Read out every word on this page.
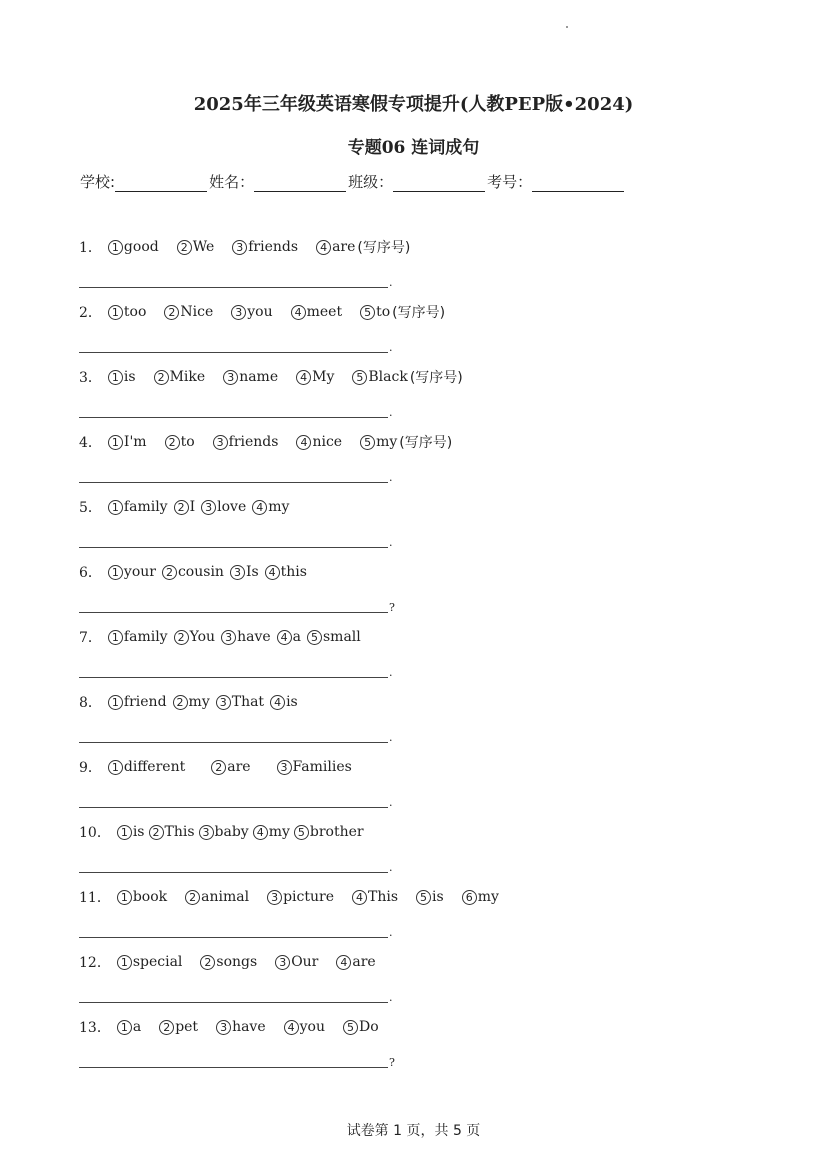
2025年三年级英语寒假专项提升(人教PEP版•2024)
专题06 连词成句
学校:	姓名：	班级：	考号：
1． 1 good	2 We	3 friends	4 are (写序号)
.
2． 1 too	2 Nice	3 you	4 meet	5 to (写序号)
.
3． 1 is	2 Mike	3 name	4 My	5 Black (写序号)
.
4． 1 I'm	2 to	3 friends	4 nice	5 my (写序号)
.
5． 1 family 2 I 3 love 4 my
.
6． 1 your 2 cousin 3 Is 4 this
?
7． 1 family 2 You 3 have 4 a 5 small
.
8． 1 friend 2 my 3 That 4 is
.
9． 1 different	2 are	3 Families
.
10． 1 is 2 This 3 baby 4 my 5 brother
.
11． 1 book	2 animal	3 picture	4 This	5 is	6 my
.
12． 1 special	2 songs	3 Our	4 are
.
13． 1 a	2 pet	3 have	4 you	5 Do
?
试卷第 1 页，共 5 页
